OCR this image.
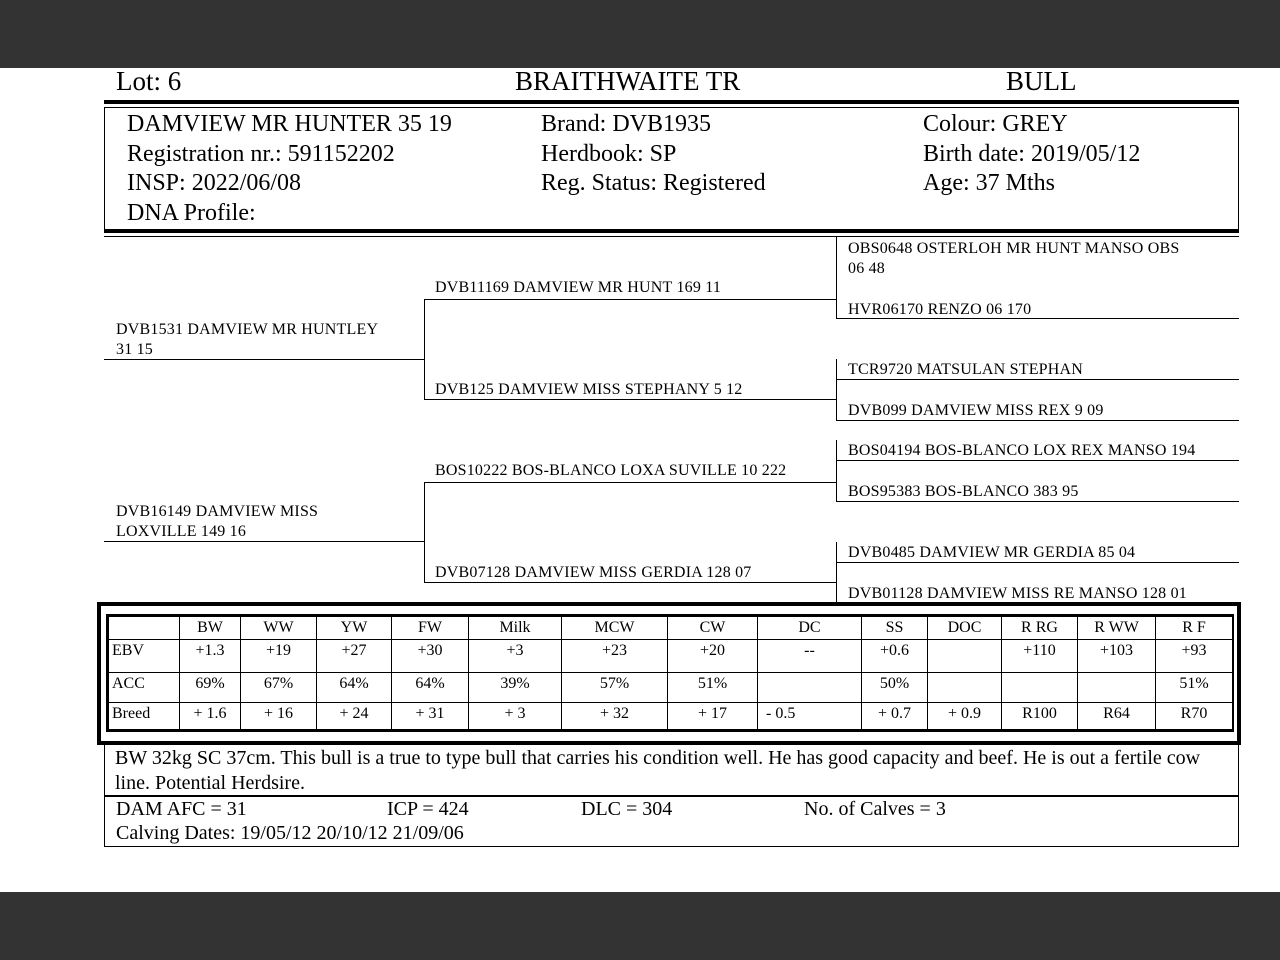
Lot: 6	BRAITHWAITE TR	BULL
DAMVIEW MR HUNTER 35 19
Registration nr.: 591152202
INSP: 2022/06/08
DNA Profile:
Brand: DVB1935
Herdbook: SP
Reg. Status: Registered
Colour: GREY
Birth date: 2019/05/12
Age: 37 Mths
DVB1531 DAMVIEW MR HUNTLEY
31 15
DVB16149 DAMVIEW MISS
LOXVILLE 149 16
DVB11169 DAMVIEW MR HUNT 169 11
DVB125 DAMVIEW MISS STEPHANY 5 12
BOS10222 BOS-BLANCO LOXA SUVILLE 10 222
DVB07128 DAMVIEW MISS GERDIA 128 07
OBS0648 OSTERLOH MR HUNT MANSO OBS
06 48
HVR06170 RENZO 06 170
TCR9720 MATSULAN STEPHAN
DVB099 DAMVIEW MISS REX 9 09
BOS04194 BOS-BLANCO LOX REX MANSO 194
BOS95383 BOS-BLANCO 383 95
DVB0485 DAMVIEW MR GERDIA 85 04
DVB01128 DAMVIEW MISS RE MANSO 128 01
	BW	WW	YW	FW	Milk	MCW	CW	DC	SS	DOC	R RG	R WW	R F
EBV	+1.3	+19	+27	+30	+3	+23	+20	--	+0.6		+110	+103	+93
ACC	69%	67%	64%	64%	39%	57%	51%		50%				51%
Breed	+ 1.6	+ 16	+ 24	+ 31	+ 3	+ 32	+ 17	- 0.5	+ 0.7	+ 0.9	R100	R64	R70
BW 32kg SC 37cm. This bull is a true to type bull that carries his condition well. He has good capacity and beef. He is out a fertile cow line. Potential Herdsire.
DAM AFC = 31	ICP = 424	DLC = 304	No. of Calves = 3
Calving Dates: 19/05/12 20/10/12 21/09/06
